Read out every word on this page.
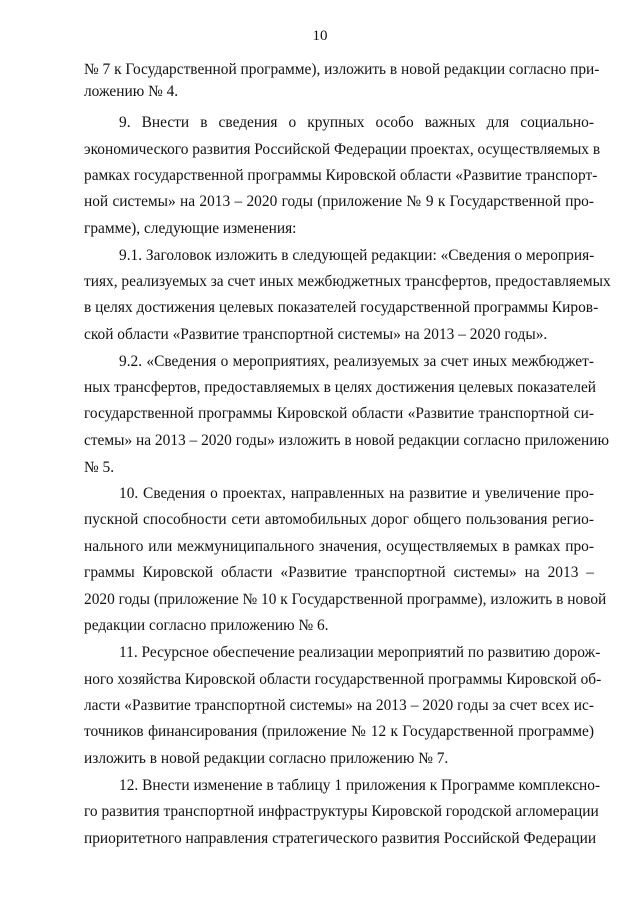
10
№ 7 к Государственной программе), изложить в новой редакции согласно при-
ложению № 4.
9. Внести в сведения о крупных особо важных для социально-
экономического развития Российской Федерации проектах, осуществляемых в
рамках государственной программы Кировской области «Развитие транспорт-
ной системы» на 2013 – 2020 годы (приложение № 9 к Государственной про-
грамме), следующие изменения:
9.1. Заголовок изложить в следующей редакции: «Сведения о мероприя-
тиях, реализуемых за счет иных межбюджетных трансфертов, предоставляемых
в целях достижения целевых показателей государственной программы Киров-
ской области «Развитие транспортной системы» на 2013 – 2020 годы».
9.2. «Сведения о мероприятиях, реализуемых за счет иных межбюджет-
ных трансфертов, предоставляемых в целях достижения целевых показателей
государственной программы Кировской области «Развитие транспортной си-
стемы» на 2013 – 2020 годы» изложить в новой редакции согласно приложению
№ 5.
10. Сведения о проектах, направленных на развитие и увеличение про-
пускной способности сети автомобильных дорог общего пользования регио-
нального или межмуниципального значения, осуществляемых в рамках про-
граммы Кировской области «Развитие транспортной системы» на 2013 –
2020 годы (приложение № 10 к Государственной программе), изложить в новой
редакции согласно приложению № 6.
11. Ресурсное обеспечение реализации мероприятий по развитию дорож-
ного хозяйства Кировской области государственной программы Кировской об-
ласти «Развитие транспортной системы» на 2013 – 2020 годы за счет всех ис-
точников финансирования (приложение № 12 к Государственной программе)
изложить в новой редакции согласно приложению № 7.
12. Внести изменение в таблицу 1 приложения к Программе комплексно-
го развития транспортной инфраструктуры Кировской городской агломерации
приоритетного направления стратегического развития Российской Федерации
